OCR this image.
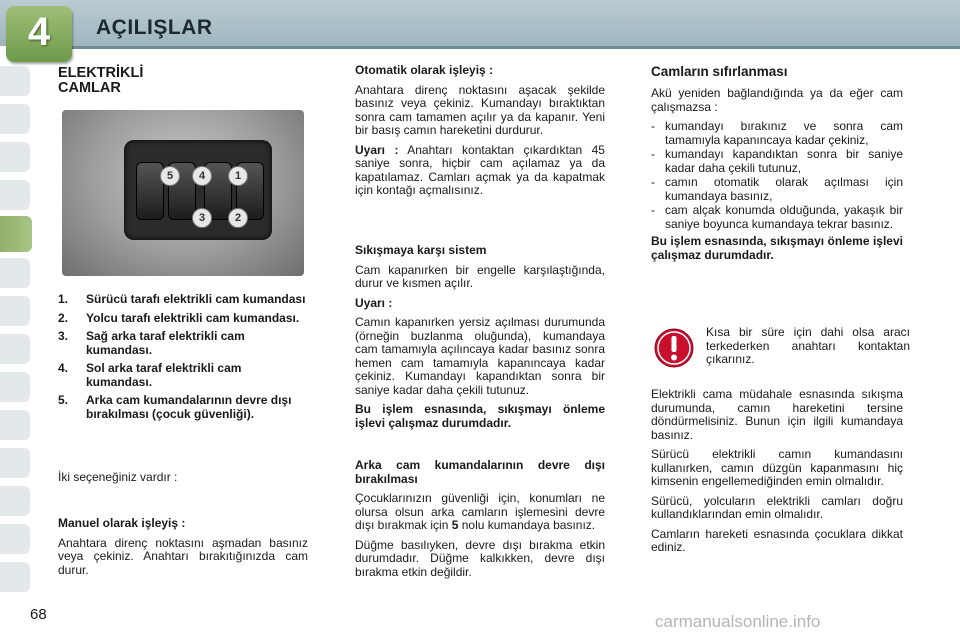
4	AÇILIŞLAR

ELEKTRİKLİ CAMLAR

5	4	1
3	2
1. Sürücü tarafı elektrikli cam kumandası
2. Yolcu tarafı elektrikli cam kumandası.
3. Sağ arka taraf elektrikli cam kumandası.
4. Sol arka taraf elektrikli cam kumandası.
5. Arka cam kumandalarının devre dışı bırakılması (çocuk güvenliği).

İki seçeneğiniz vardır :

Manuel olarak işleyiş :

Anahtara direnç noktasını aşmadan basınız veya çekiniz. Anahtarı bırakıtığınızda cam durur.

Otomatik olarak işleyiş :

Anahtara direnç noktasını aşacak şekilde basınız veya çekiniz. Kumandayı bıraktıktan sonra cam tamamen açılır ya da kapanır. Yeni bir basış camın hareketini durdurur.

Uyarı : Anahtarı kontaktan çıkardıktan 45 saniye sonra, hiçbir cam açılamaz ya da kapatılamaz. Camları açmak ya da kapatmak için kontağı açmalısınız.

Sıkışmaya karşı sistem

Cam kapanırken bir engelle karşılaştığında, durur ve kısmen açılır.

Uyarı :

Camın kapanırken yersiz açılması durumunda (örneğin buzlanma oluğunda), kumandaya cam tamamıyla açılıncaya kadar basınız sonra hemen cam tamamıyla kapanıncaya kadar çekiniz. Kumandayı kapandıktan sonra bir saniye kadar daha çekili tutunuz.

Bu işlem esnasında, sıkışmayı önleme işlevi çalışmaz durumdadır.

Arka cam kumandalarının devre dışı bırakılması

Çocuklarınızın güvenliği için, konumları ne olursa olsun arka camların işlemesini devre dışı bırakmak için 5 nolu kumandaya basınız.

Düğme basılıyken, devre dışı bırakma etkin durumdadır. Düğme kalkıkken, devre dışı bırakma etkin değildir.

Camların sıfırlanması

Akü yeniden bağlandığında ya da eğer cam çalışmazsa :

- kumandayı bırakınız ve sonra cam tamamıyla kapanıncaya kadar çekiniz,
- kumandayı kapandıktan sonra bir saniye kadar daha çekili tutunuz,
- camın otomatik olarak açılması için kumandaya basınız,
- cam alçak konumda olduğunda, yakaşık bir saniye boyunca kumandaya tekrar basınız.

Bu işlem esnasında, sıkışmayı önleme işlevi çalışmaz durumdadır.

Kısa bir süre için dahi olsa aracı terkederken anahtarı kontaktan çıkarınız.

Elektrikli cama müdahale esnasında sıkışma durumunda, camın hareketini tersine döndürmelisiniz. Bunun için ilgili kumandaya basınız.

Sürücü elektrikli camın kumandasını kullanırken, camın düzgün kapanmasını hiç kimsenin engellemediğinden emin olmalıdır.

Sürücü, yolcuların elektrikli camları doğru kullandıklarından emin olmalıdır.

Camların hareketi esnasında çocuklara dikkat ediniz.

68	carmanualsonline.info
